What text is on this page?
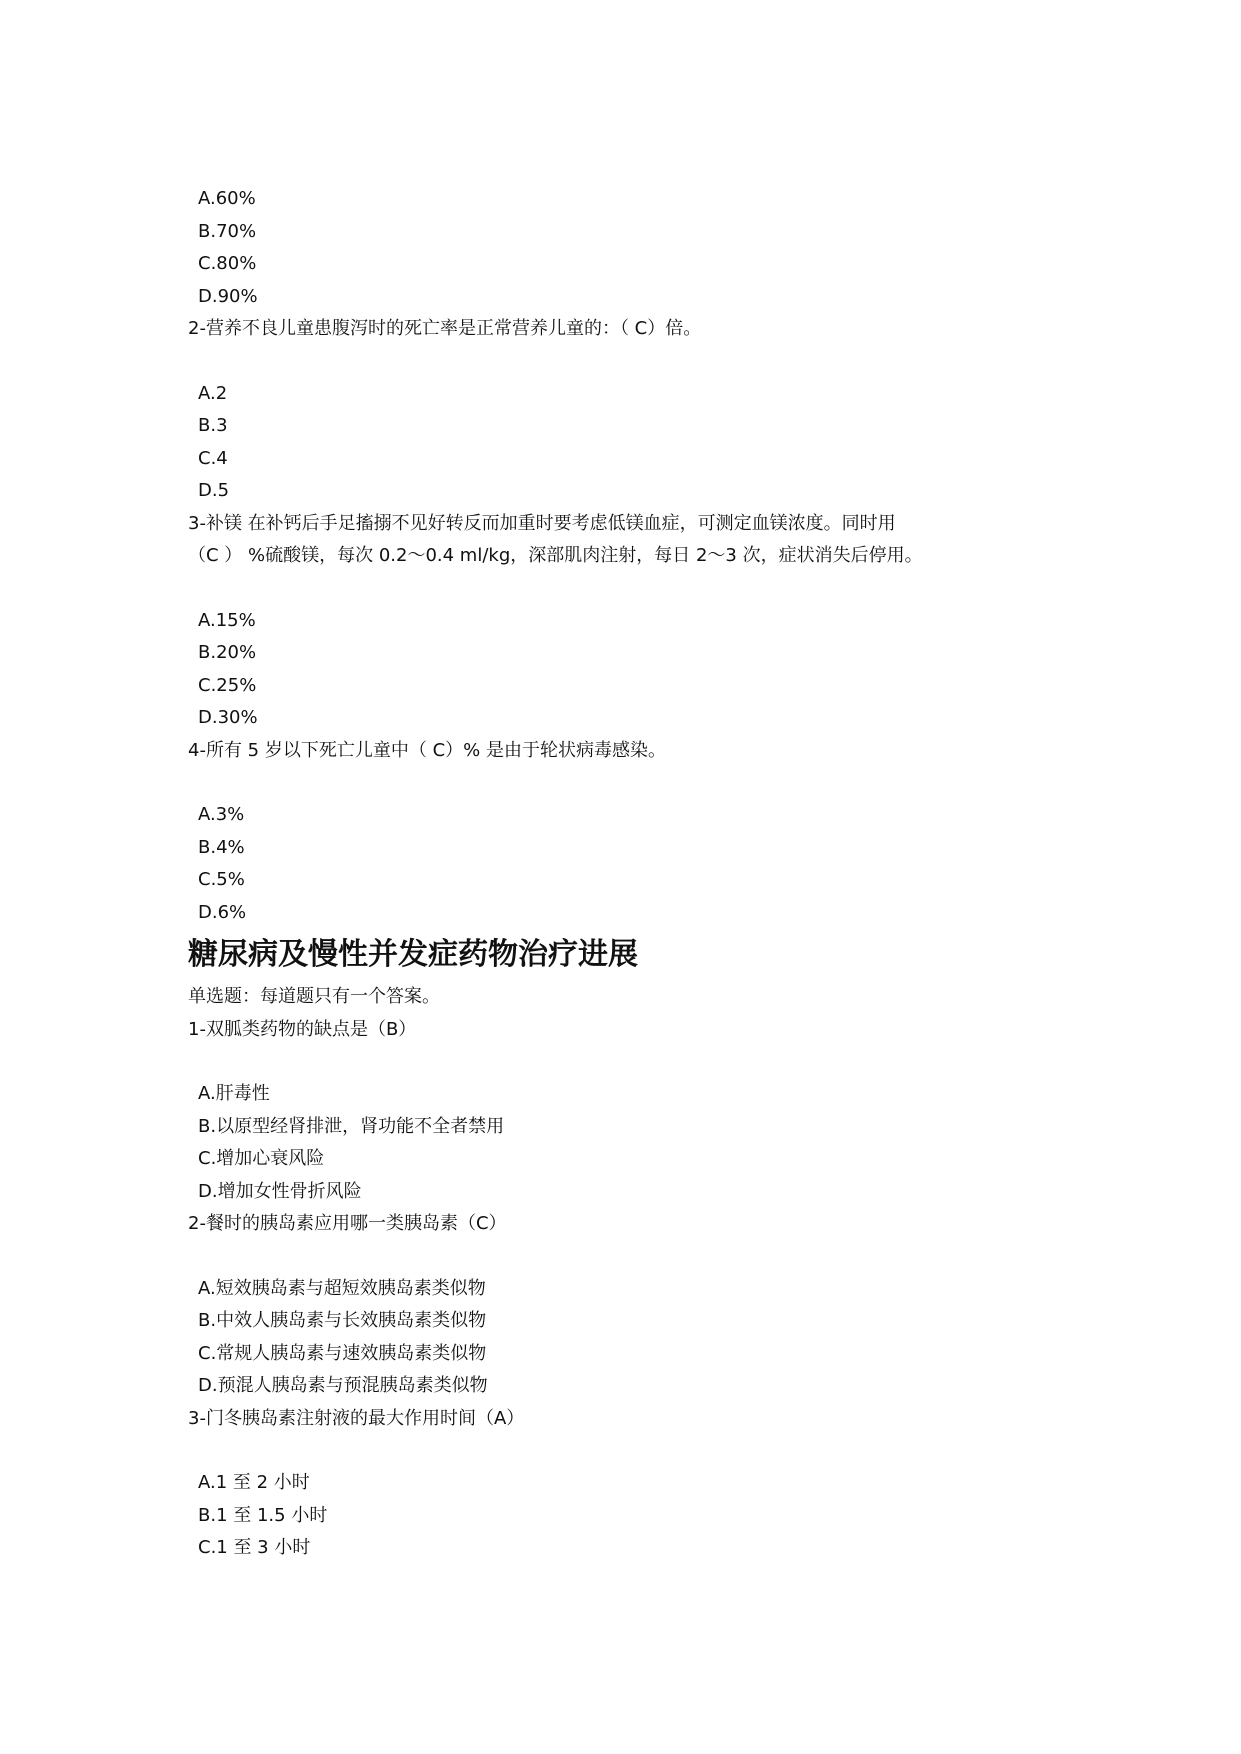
A.60%
B.70%
C.80%
D.90%
2-营养不良儿童患腹泻时的死亡率是正常营养儿童的：（ C）倍。
A.2
B.3
C.4
D.5
3-补镁 在补钙后手足搐搦不见好转反而加重时要考虑低镁血症，可测定血镁浓度。同时用
（C ） %硫酸镁，每次 0.2～0.4 ml/kg，深部肌肉注射，每日 2～3 次，症状消失后停用。
A.15%
B.20%
C.25%
D.30%
4-所有 5 岁以下死亡儿童中（ C）% 是由于轮状病毒感染。
A.3%
B.4%
C.5%
D.6%
糖尿病及慢性并发症药物治疗进展
单选题：每道题只有一个答案。
1-双胍类药物的缺点是（B）
A.肝毒性
B.以原型经肾排泄，肾功能不全者禁用
C.增加心衰风险
D.增加女性骨折风险
2-餐时的胰岛素应用哪一类胰岛素（C）
A.短效胰岛素与超短效胰岛素类似物
B.中效人胰岛素与长效胰岛素类似物
C.常规人胰岛素与速效胰岛素类似物
D.预混人胰岛素与预混胰岛素类似物
3-门冬胰岛素注射液的最大作用时间（A）
A.1 至 2 小时
B.1 至 1.5 小时
C.1 至 3 小时
